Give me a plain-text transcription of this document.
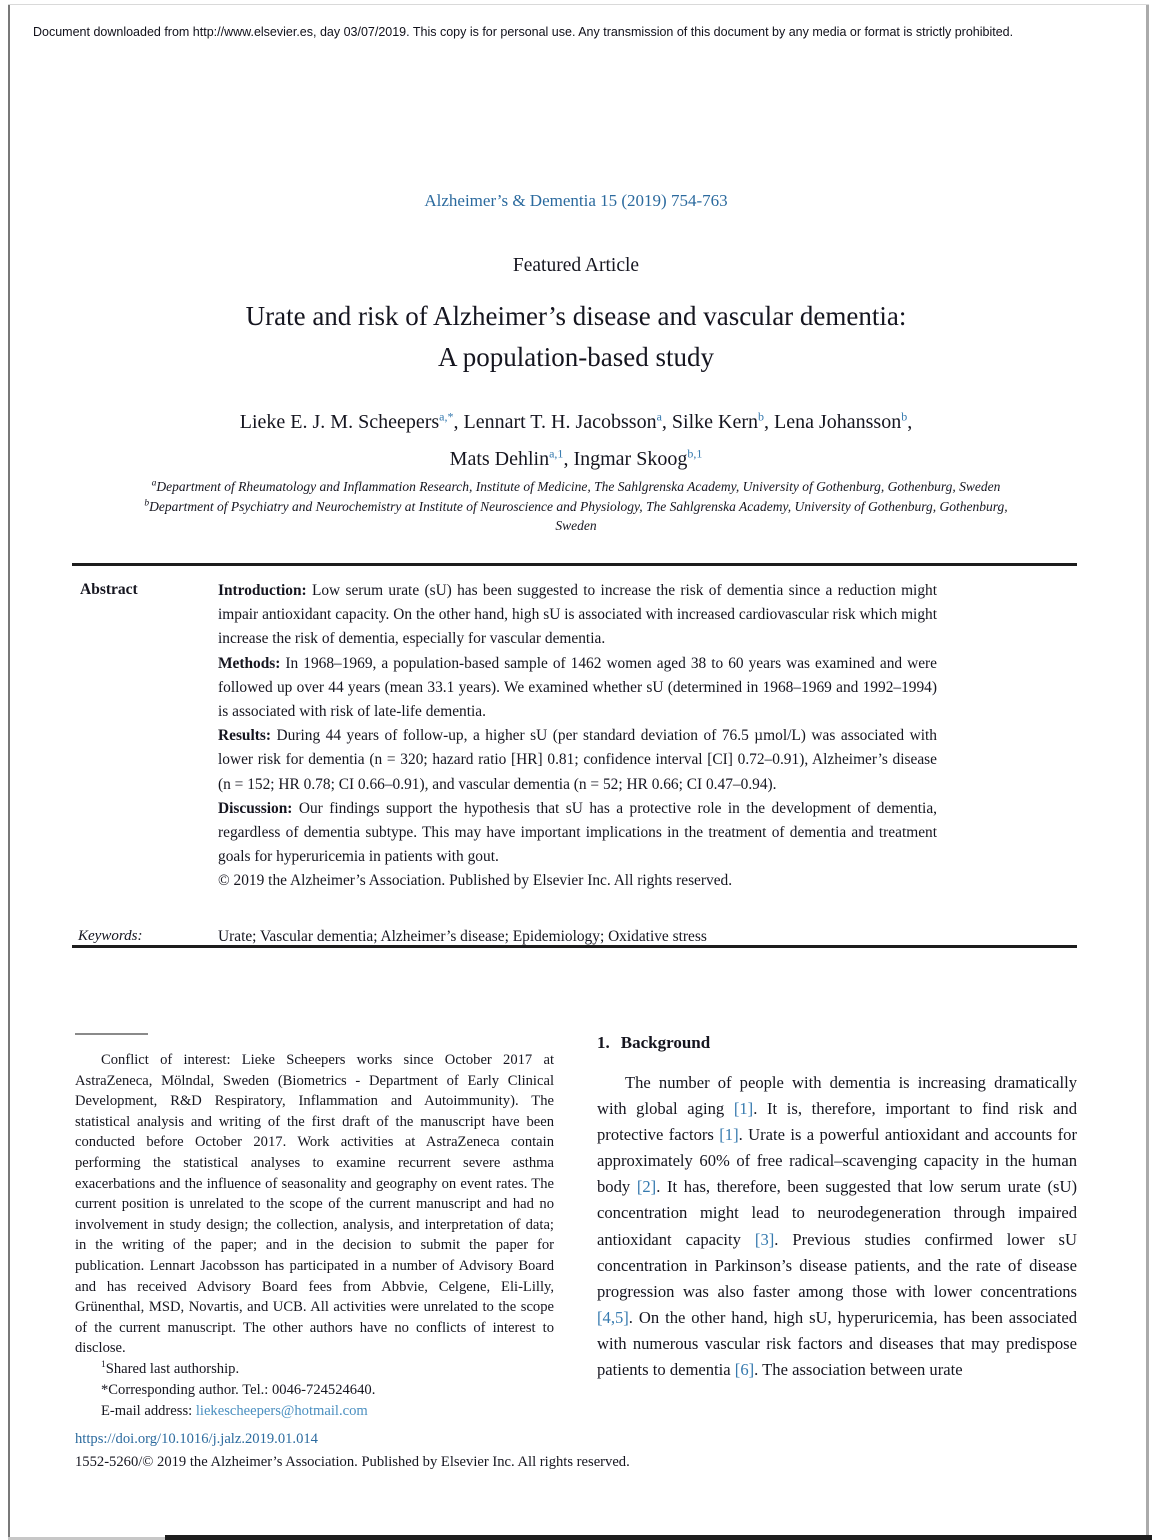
Document downloaded from http://www.elsevier.es, day 03/07/2019. This copy is for personal use. Any transmission of this document by any media or format is strictly prohibited.
Alzheimer’s & Dementia 15 (2019) 754-763
Featured Article
Urate and risk of Alzheimer’s disease and vascular dementia:
A population-based study
Lieke E. J. M. Scheepers$^{a,*}$, Lennart T. H. Jacobsson$^a$, Silke Kern$^b$, Lena Johansson$^b$,
Mats Dehlin$^{a,1}$, Ingmar Skoog$^{b,1}$
$^a$Department of Rheumatology and Inflammation Research, Institute of Medicine, The Sahlgrenska Academy, University of Gothenburg, Gothenburg, Sweden
$^b$Department of Psychiatry and Neurochemistry at Institute of Neuroscience and Physiology, The Sahlgrenska Academy, University of Gothenburg, Gothenburg,
Sweden
Abstract	Introduction: Low serum urate (sU) has been suggested to increase the risk of dementia since a reduction might impair antioxidant capacity. On the other hand, high sU is associated with increased cardiovascular risk which might increase the risk of dementia, especially for vascular dementia.
Methods: In 1968–1969, a population-based sample of 1462 women aged 38 to 60 years was examined and were followed up over 44 years (mean 33.1 years). We examined whether sU (determined in 1968–1969 and 1992–1994) is associated with risk of late-life dementia.
Results: During 44 years of follow-up, a higher sU (per standard deviation of 76.5 µmol/L) was associated with lower risk for dementia (n = 320; hazard ratio [HR] 0.81; confidence interval [CI] 0.72–0.91), Alzheimer’s disease (n = 152; HR 0.78; CI 0.66–0.91), and vascular dementia (n = 52; HR 0.66; CI 0.47–0.94).
Discussion: Our findings support the hypothesis that sU has a protective role in the development of dementia, regardless of dementia subtype. This may have important implications in the treatment of dementia and treatment goals for hyperuricemia in patients with gout.
© 2019 the Alzheimer’s Association. Published by Elsevier Inc. All rights reserved.
Keywords:	Urate; Vascular dementia; Alzheimer’s disease; Epidemiology; Oxidative stress

Conflict of interest: Lieke Scheepers works since October 2017 at AstraZeneca, Mölndal, Sweden (Biometrics - Department of Early Clinical Development, R&D Respiratory, Inflammation and Autoimmunity). The statistical analysis and writing of the first draft of the manuscript have been conducted before October 2017. Work activities at AstraZeneca contain performing the statistical analyses to examine recurrent severe asthma exacerbations and the influence of seasonality and geography on event rates. The current position is unrelated to the scope of the current manuscript and had no involvement in study design; the collection, analysis, and interpretation of data; in the writing of the paper; and in the decision to submit the paper for publication. Lennart Jacobsson has participated in a number of Advisory Board and has received Advisory Board fees from Abbvie, Celgene, Eli-Lilly, Grünenthal, MSD, Novartis, and UCB. All activities were unrelated to the scope of the current manuscript. The other authors have no conflicts of interest to disclose.

$^1$Shared last authorship.

*Corresponding author. Tel.: 0046-724524640.

E-mail address: liekescheepers@hotmail.com

https://doi.org/10.1016/j.jalz.2019.01.014
1552-5260/© 2019 the Alzheimer’s Association. Published by Elsevier Inc. All rights reserved.
1. Background

The number of people with dementia is increasing dramatically with global aging [1]. It is, therefore, important to find risk and protective factors [1]. Urate is a powerful antioxidant and accounts for approximately 60% of free radical–scavenging capacity in the human body [2]. It has, therefore, been suggested that low serum urate (sU) concentration might lead to neurodegeneration through impaired antioxidant capacity [3]. Previous studies confirmed lower sU concentration in Parkinson’s disease patients, and the rate of disease progression was also faster among those with lower concentrations [4,5]. On the other hand, high sU, hyperuricemia, has been associated with numerous vascular risk factors and diseases that may predispose patients to dementia [6]. The association between urate
